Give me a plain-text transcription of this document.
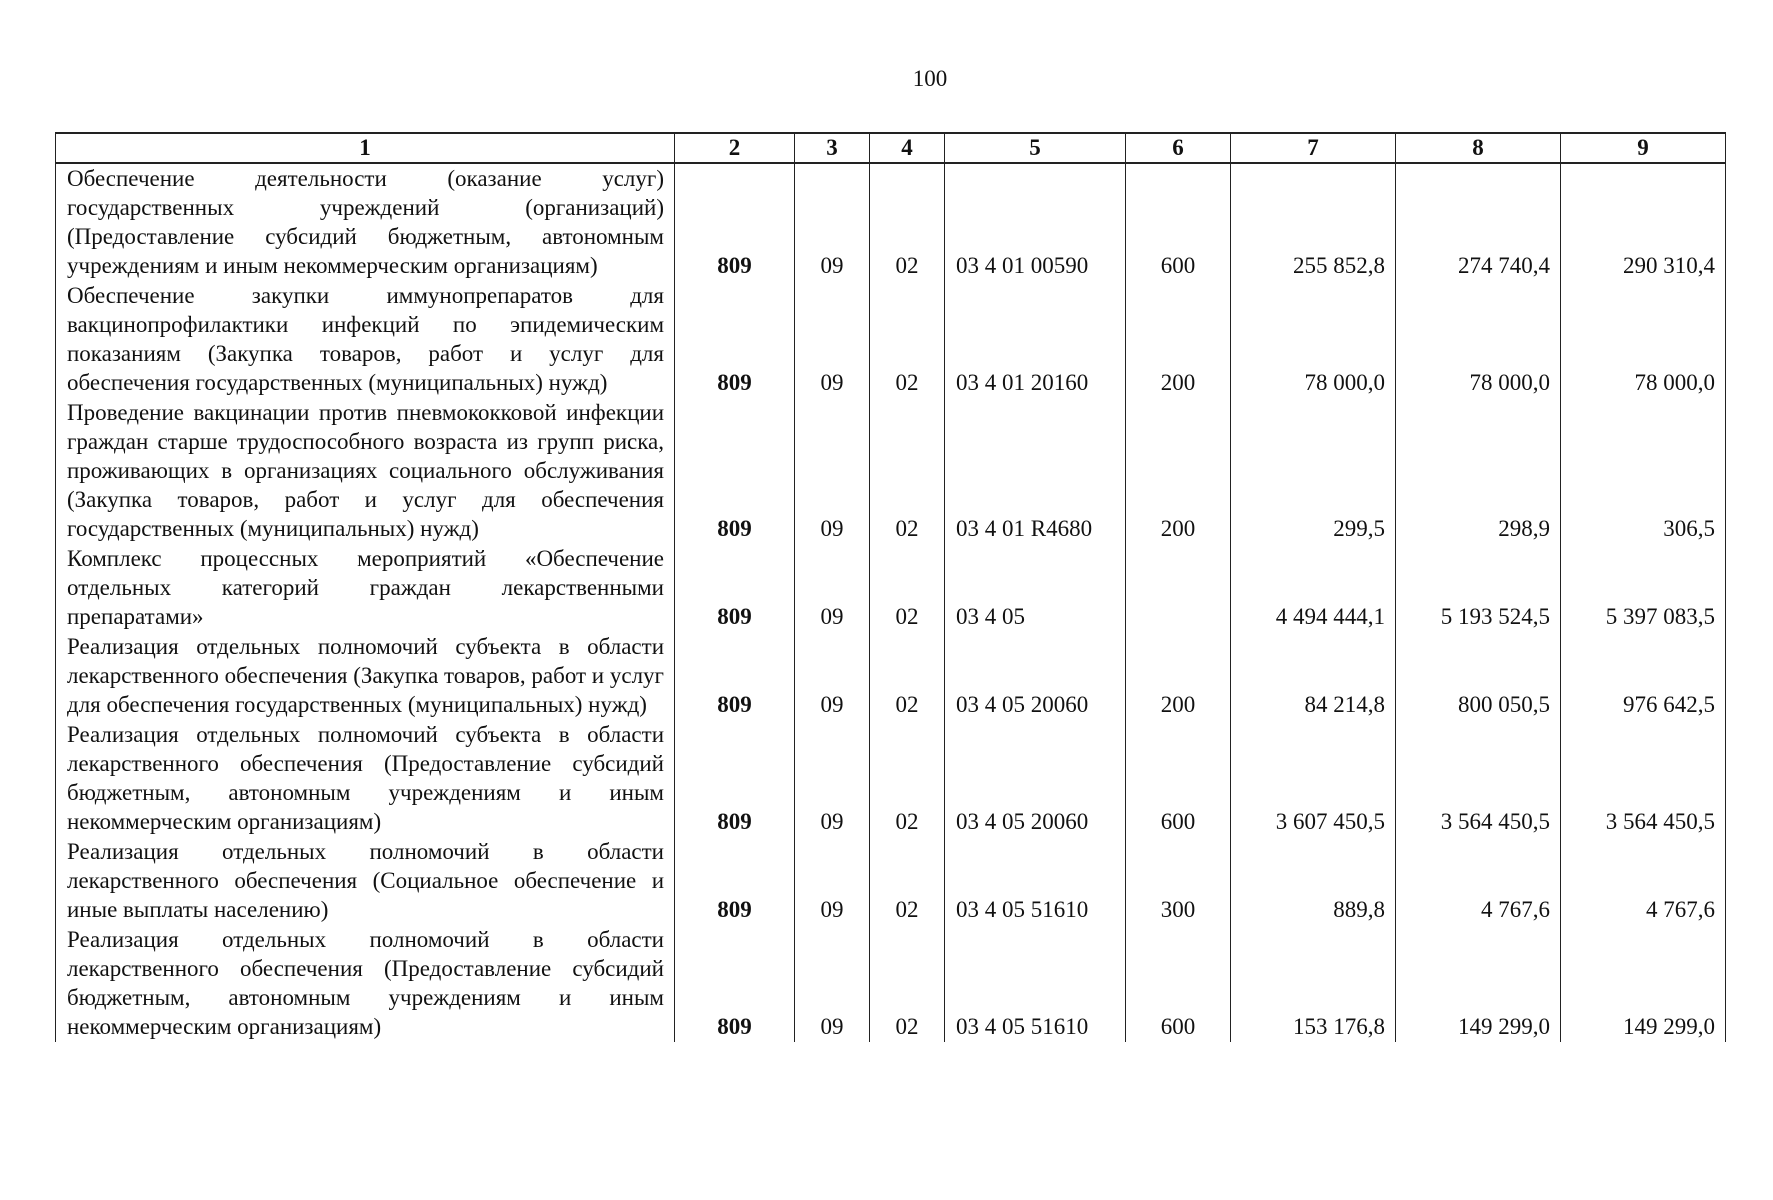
100
1	2	3	4	5	6	7	8	9
Обеспечение деятельности (оказание услуг) государственных учреждений (организаций) (Предоставление субсидий бюджетным, автономным учреждениям и иным некоммерческим организациям)	809	09	02	03 4 01 00590	600	255 852,8	274 740,4	290 310,4
Обеспечение закупки иммунопрепаратов для вакцинопрофилактики инфекций по эпидемическим показаниям (Закупка товаров, работ и услуг для обеспечения государственных (муниципальных) нужд)	809	09	02	03 4 01 20160	200	78 000,0	78 000,0	78 000,0
Проведение вакцинации против пневмококковой инфекции граждан старше трудоспособного возраста из групп риска, проживающих в организациях социального обслуживания (Закупка товаров, работ и услуг для обеспечения государственных (муниципальных) нужд)	809	09	02	03 4 01 R4680	200	299,5	298,9	306,5
Комплекс процессных мероприятий «Обеспечение отдельных категорий граждан лекарственными препаратами»	809	09	02	03 4 05		4 494 444,1	5 193 524,5	5 397 083,5
Реализация отдельных полномочий субъекта в области лекарственного обеспечения (Закупка товаров, работ и услуг для обеспечения государственных (муниципальных) нужд)	809	09	02	03 4 05 20060	200	84 214,8	800 050,5	976 642,5
Реализация отдельных полномочий субъекта в области лекарственного обеспечения (Предоставление субсидий бюджетным, автономным учреждениям и иным некоммерческим организациям)	809	09	02	03 4 05 20060	600	3 607 450,5	3 564 450,5	3 564 450,5
Реализация отдельных полномочий в области лекарственного обеспечения (Социальное обеспечение и иные выплаты населению)	809	09	02	03 4 05 51610	300	889,8	4 767,6	4 767,6
Реализация отдельных полномочий в области лекарственного обеспечения (Предоставление субсидий бюджетным, автономным учреждениям и иным некоммерческим организациям)	809	09	02	03 4 05 51610	600	153 176,8	149 299,0	149 299,0
